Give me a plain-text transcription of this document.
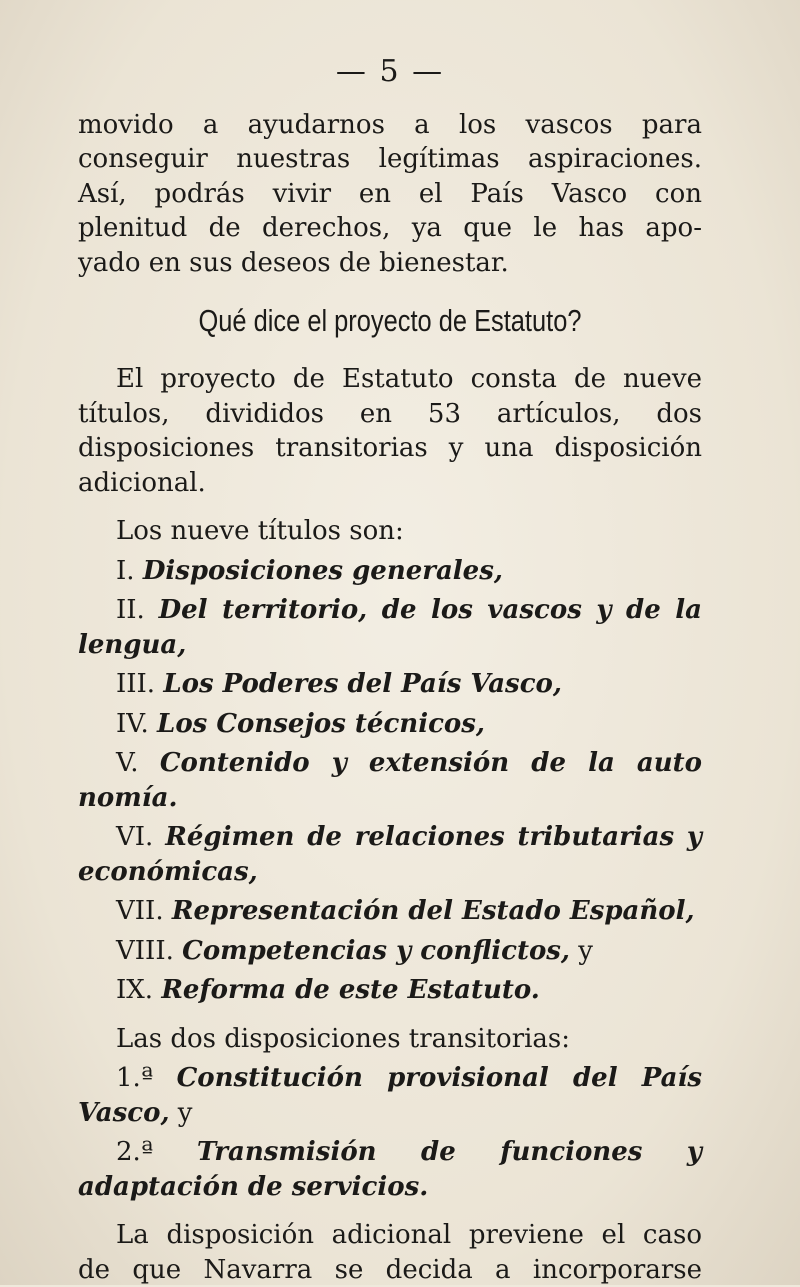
— 5 —

movido a ayudarnos a los vascos para

conseguir nuestras legítimas aspiraciones.

Así, podrás vivir en el País Vasco con

plenitud de derechos, ya que le has apo-

yado en sus deseos de bienestar.

Qué dice el proyecto de Estatuto?

El proyecto de Estatuto consta de nueve títulos, divididos en 53 artículos, dos disposiciones transitorias y una disposición adicional.

Los nueve títulos son:

I. Disposiciones generales,

II. Del territorio, de los vascos y de la lengua,

III. Los Poderes del País Vasco,

IV. Los Consejos técnicos,

V. Contenido y extensión de la auto nomía.

VI. Régimen de relaciones tributarias y económicas,

VII. Representación del Estado Español,

VIII. Competencias y conflictos, y

IX. Reforma de este Estatuto.

Las dos disposiciones transitorias:

1.ª Constitución provisional del País Vasco, y

2.ª Transmisión de funciones y adaptación de servicios.

La disposición adicional previene el caso

de que Navarra se decida a incorporarse
